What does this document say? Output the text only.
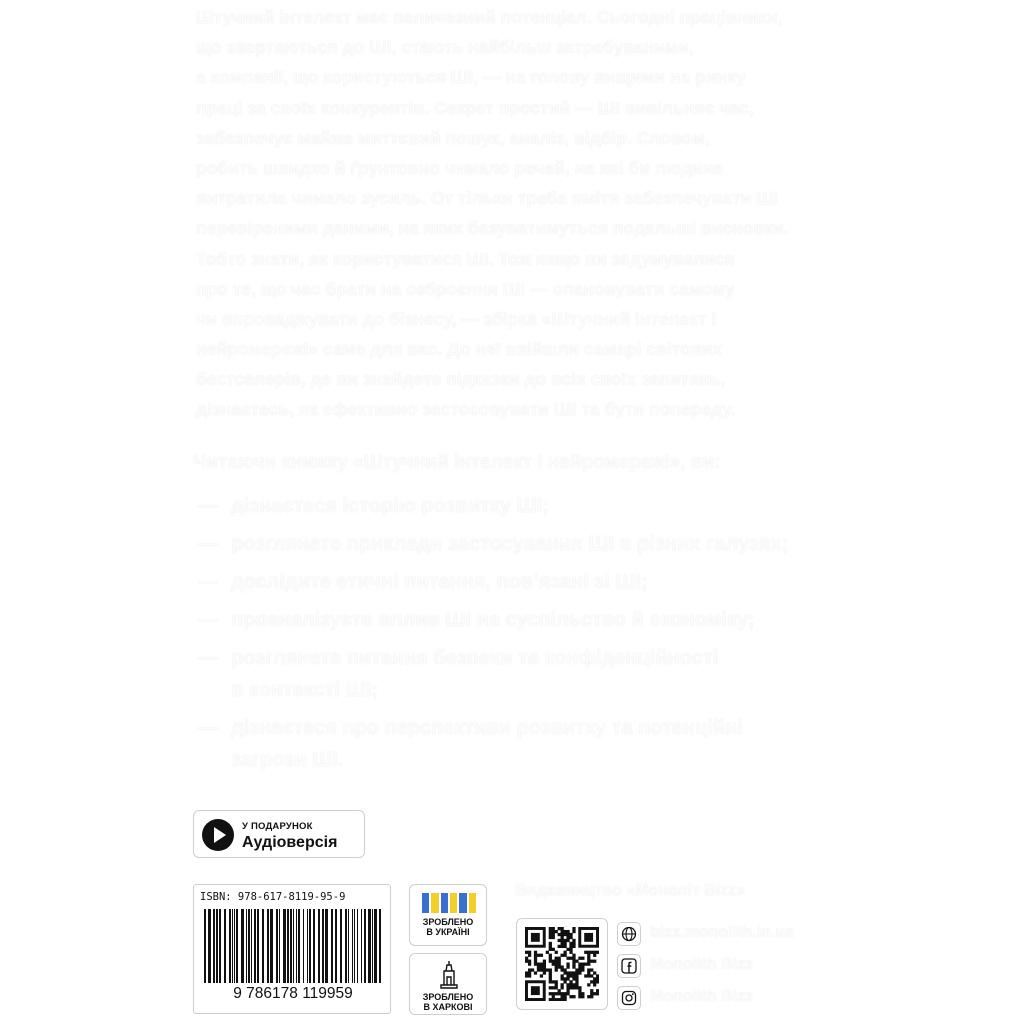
Штучний інтелект має величезний потенціал. Сьогодні працівники,
що звертаються до ШІ, стають найбільш затребуваними,
а компанії, що користуються ШІ, — на голову вищими на ринку
праці за своїх конкурентів. Секрет простий — ШІ вивільняє час,
забезпечує майже миттєвий пошук, аналіз, відбір. Словом,
робить швидко й ґрунтовно чимало речей, на які би людина
витратила чимало зусиль. От тільки треба вміти забезпечувати ШІ
перевіреними даними, на яких базуватимуться подальші висновки.
Тобто знати, як користуватися ШІ. Тож якщо ви задумувалися
про те, що час брати на озброєння ШІ — опановувати самому
чи впроваджувати до бізнесу, — збірка «Штучний інтелект і
нейромережі» саме для вас. До неї ввійшли самарі світових
бестселерів, де ви знайдете підказки до всіх своїх запитань,
дізнаєтесь, як ефективно застосовувати ШІ та бути попереду.
Читаючи книжку «Штучний інтелект і нейромережі», ви:
— дізнаєтеся історію розвитку ШІ;
— розглянете приклади застосування ШІ в різних галузях;
— дослідите етичні питання, пов’язані зі ШІ;
— проаналізуєте вплив ШІ на суспільство й економіку;
— розглянете питання безпеки та конфіденційності
в контексті ШІ;
— дізнаєтеся про перспективи розвитку та потенційні
загрози ШІ.
У ПОДАРУНОК
Аудіоверсія
ISBN: 978-617-8119-95-9
9 786178 119959
ЗРОБЛЕНО
В УКРАЇНІ
ЗРОБЛЕНО
В ХАРКОВІ
Видавництво «Моноліт Bizz»
bizz.monolith.in.ua
Monolith Bizz
Monolith Bizz
